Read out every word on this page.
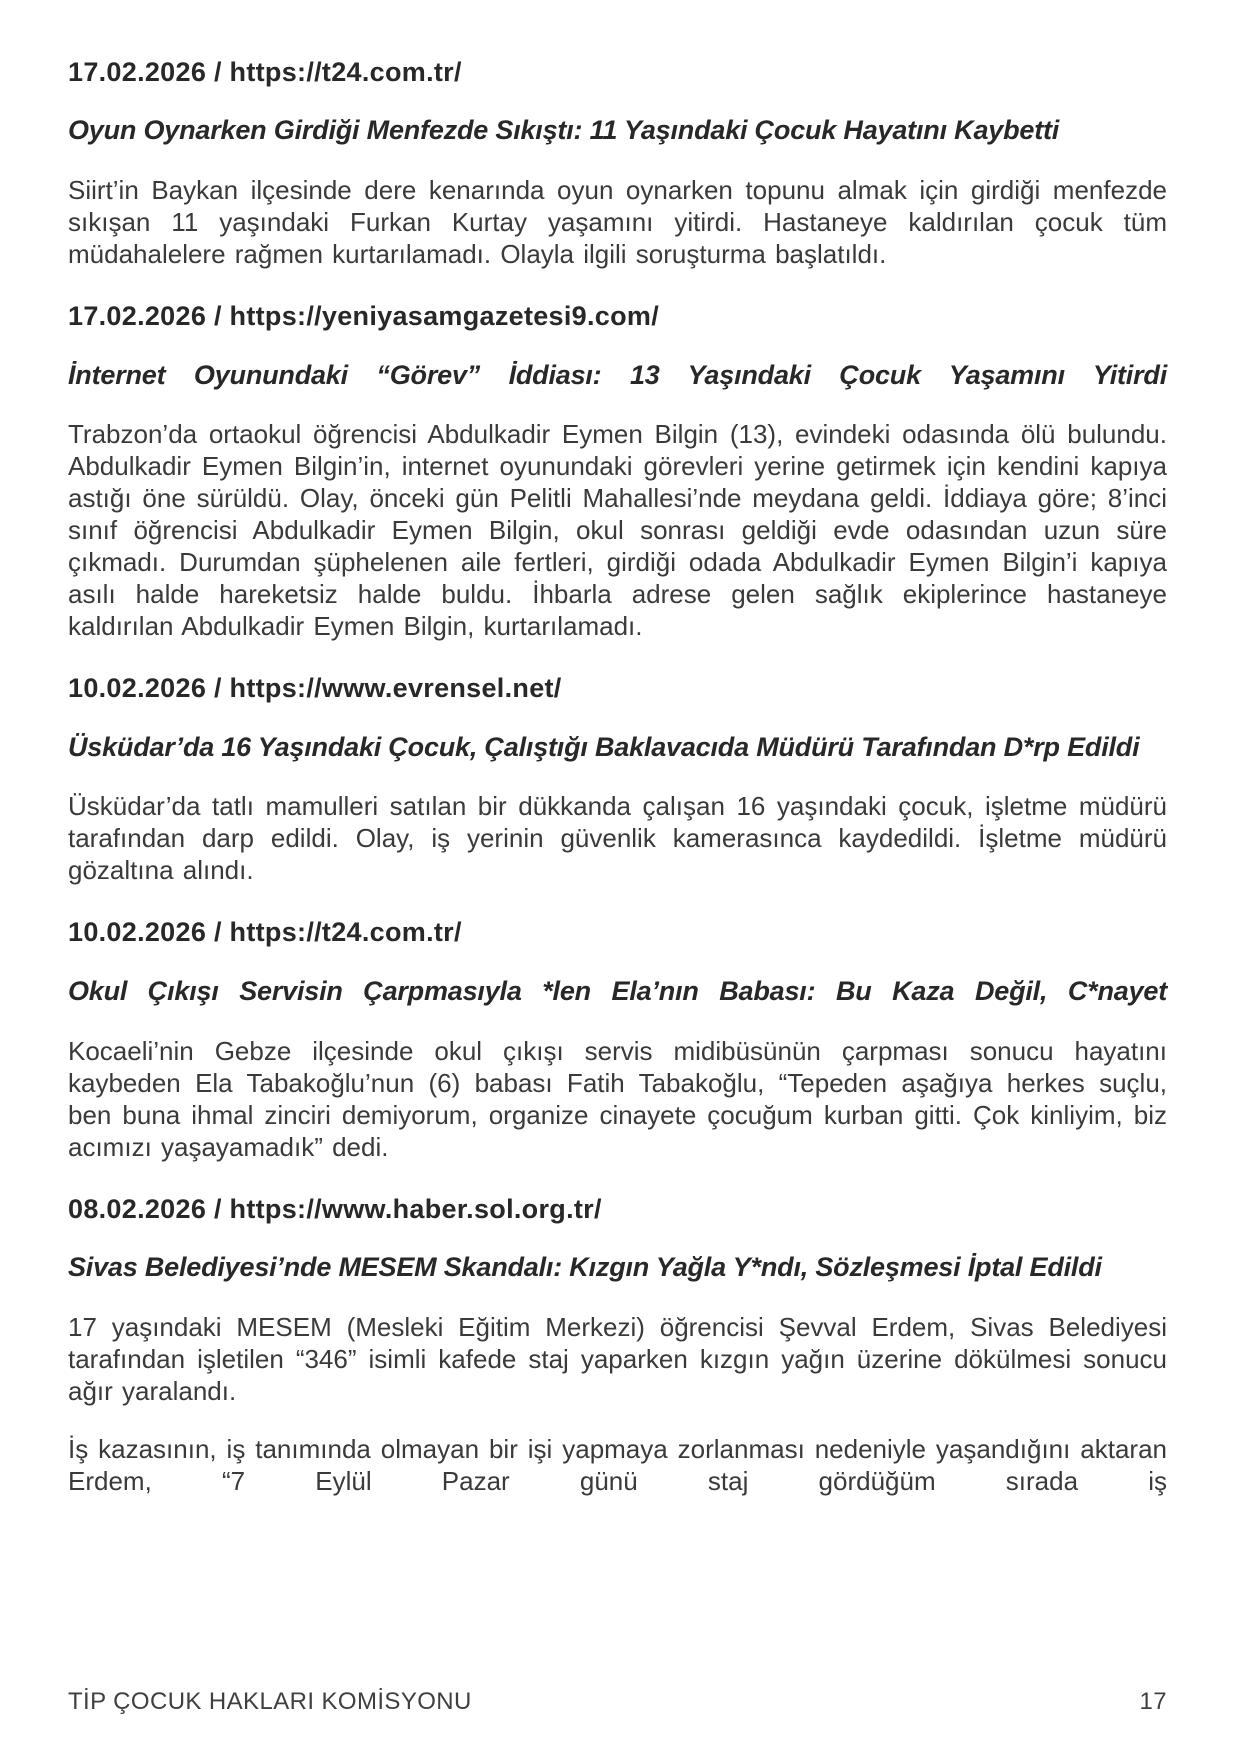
17.02.2026 / https://t24.com.tr/

Oyun Oynarken Girdiği Menfezde Sıkıştı: 11 Yaşındaki Çocuk Hayatını Kaybetti

Siirt’in Baykan ilçesinde dere kenarında oyun oynarken topunu almak için girdiği menfezde sıkışan 11 yaşındaki Furkan Kurtay yaşamını yitirdi. Hastaneye kaldırılan çocuk tüm müdahalelere rağmen kurtarılamadı. Olayla ilgili soruşturma başlatıldı.

17.02.2026 / https://yeniyasamgazetesi9.com/

İnternet Oyunundaki “Görev” İddiası: 13 Yaşındaki Çocuk Yaşamını Yitirdi

Trabzon’da ortaokul öğrencisi Abdulkadir Eymen Bilgin (13), evindeki odasında ölü bulundu. Abdulkadir Eymen Bilgin’in, internet oyunundaki görevleri yerine getirmek için kendini kapıya astığı öne sürüldü. Olay, önceki gün Pelitli Mahallesi’nde meydana geldi. İddiaya göre; 8’inci sınıf öğrencisi Abdulkadir Eymen Bilgin, okul sonrası geldiği evde odasından uzun süre çıkmadı. Durumdan şüphelenen aile fertleri, girdiği odada Abdulkadir Eymen Bilgin’i kapıya asılı halde hareketsiz halde buldu. İhbarla adrese gelen sağlık ekiplerince hastaneye kaldırılan Abdulkadir Eymen Bilgin, kurtarılamadı.

10.02.2026 / https://www.evrensel.net/

Üsküdar’da 16 Yaşındaki Çocuk, Çalıştığı Baklavacıda Müdürü Tarafından D*rp Edildi

Üsküdar’da tatlı mamulleri satılan bir dükkanda çalışan 16 yaşındaki çocuk, işletme müdürü tarafından darp edildi. Olay, iş yerinin güvenlik kamerasınca kaydedildi. İşletme müdürü gözaltına alındı.

10.02.2026 / https://t24.com.tr/

Okul Çıkışı Servisin Çarpmasıyla *len Ela’nın Babası: Bu Kaza Değil, C*nayet

Kocaeli’nin Gebze ilçesinde okul çıkışı servis midibüsünün çarpması sonucu hayatını kaybeden Ela Tabakoğlu’nun (6) babası Fatih Tabakoğlu, “Tepeden aşağıya herkes suçlu, ben buna ihmal zinciri demiyorum, organize cinayete çocuğum kurban gitti. Çok kinliyim, biz acımızı yaşayamadık” dedi.

08.02.2026 / https://www.haber.sol.org.tr/

Sivas Belediyesi’nde MESEM Skandalı: Kızgın Yağla Y*ndı, Sözleşmesi İptal Edildi

17 yaşındaki MESEM (Mesleki Eğitim Merkezi) öğrencisi Şevval Erdem, Sivas Belediyesi tarafından işletilen “346” isimli kafede staj yaparken kızgın yağın üzerine dökülmesi sonucu ağır yaralandı.

İş kazasının, iş tanımında olmayan bir işi yapmaya zorlanması nedeniyle yaşandığını aktaran Erdem, “7 Eylül Pazar günü staj gördüğüm sırada iş

TİP ÇOCUK HAKLARI KOMİSYONU	17
